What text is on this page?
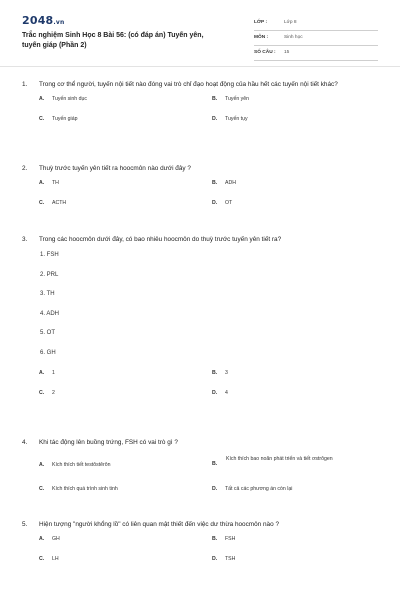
2048.vn
Trắc nghiệm Sinh Học 8 Bài 56: (có đáp án) Tuyến yên, tuyến giáp (Phần 2)
LỚP :	Lớp 8
MÔN :	Sinh học
SỐ CÂU : 15
1. Trong cơ thể người, tuyến nội tiết nào đóng vai trò chỉ đạo hoạt động của hầu hết các tuyến nội tiết khác?
A. Tuyến sinh dục	B. Tuyến yên
C. Tuyến giáp	D. Tuyến tụy
2. Thuỳ trước tuyến yên tiết ra hoocmôn nào dưới đây ?
A. TH	B. ADH
C. ACTH	D. OT
3. Trong các hoocmôn dưới đây, có bao nhiêu hoocmôn do thuỳ trước tuyến yên tiết ra?
1. FSH
2. PRL
3. TH
4. ADH
5. OT
6. GH
A. 1	B. 3
C. 2	D. 4
4. Khi tác động lên buồng trứng, FSH có vai trò gì ?
A. Kích thích tiết testôstêrôn	B.
Kích thích bao noãn phát triển và tiết ơstrôgen
C. Kích thích quá trình sinh tinh	D. Tất cả các phương án còn lại
5. Hiện tượng "người khổng lồ" có liên quan mật thiết đến việc dư thừa hoocmôn nào ?
A. GH	B. FSH
C. LH	D. TSH
